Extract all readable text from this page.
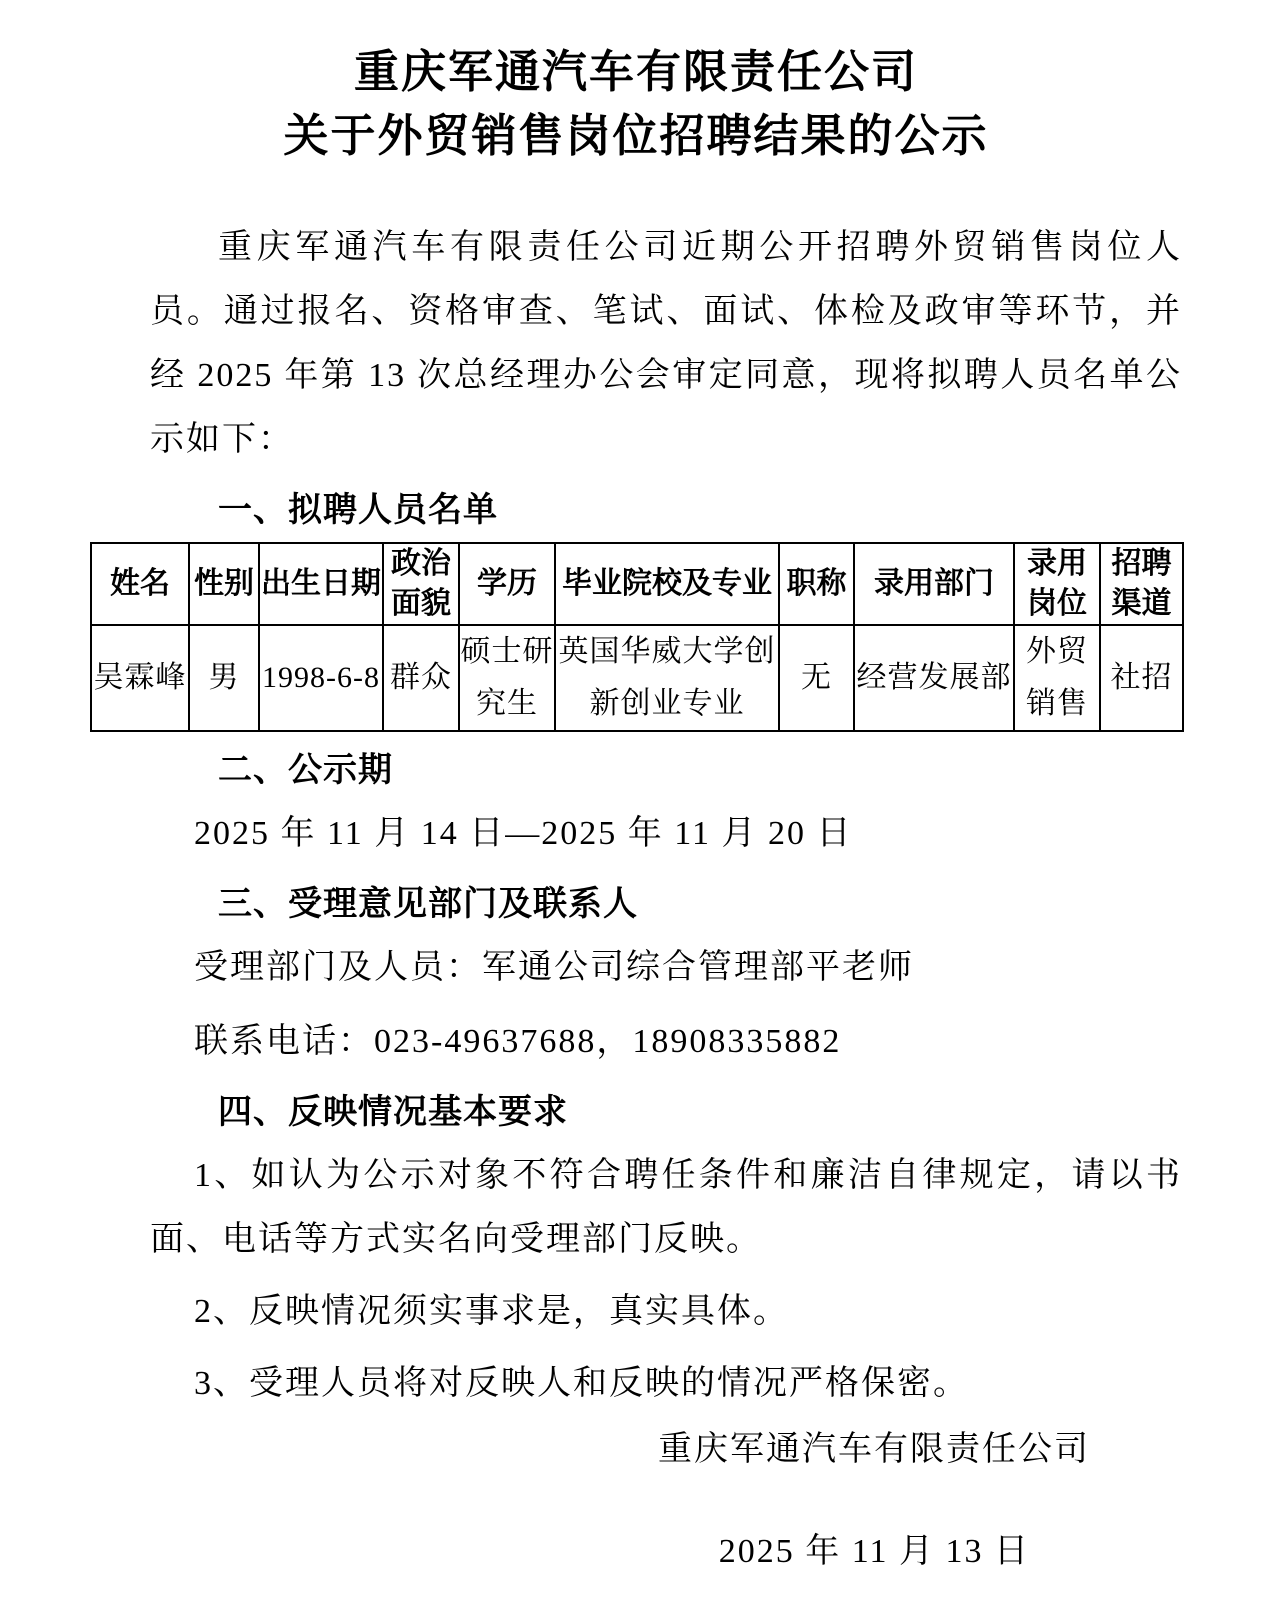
重庆军通汽车有限责任公司
关于外贸销售岗位招聘结果的公示

重庆军通汽车有限责任公司近期公开招聘外贸销售岗位人员。通过报名、资格审查、笔试、面试、体检及政审等环节，并经 2025 年第 13 次总经理办公会审定同意，现将拟聘人员名单公示如下：

一、拟聘人员名单
姓名	性别	出生日期	政治面貌	学历	毕业院校及专业	职称	录用部门	录用岗位	招聘渠道
吴霖峰	男	1998-6-8	群众	硕士研究生	英国华威大学创新创业专业	无	经营发展部	外贸销售	社招
二、公示期

2025 年 11 月 14 日—2025 年 11 月 20 日

三、受理意见部门及联系人

受理部门及人员：军通公司综合管理部平老师

联系电话：023-49637688，18908335882

四、反映情况基本要求

1、如认为公示对象不符合聘任条件和廉洁自律规定，请以书面、电话等方式实名向受理部门反映。

2、反映情况须实事求是，真实具体。

3、受理人员将对反映人和反映的情况严格保密。

重庆军通汽车有限责任公司

2025 年 11 月 13 日
